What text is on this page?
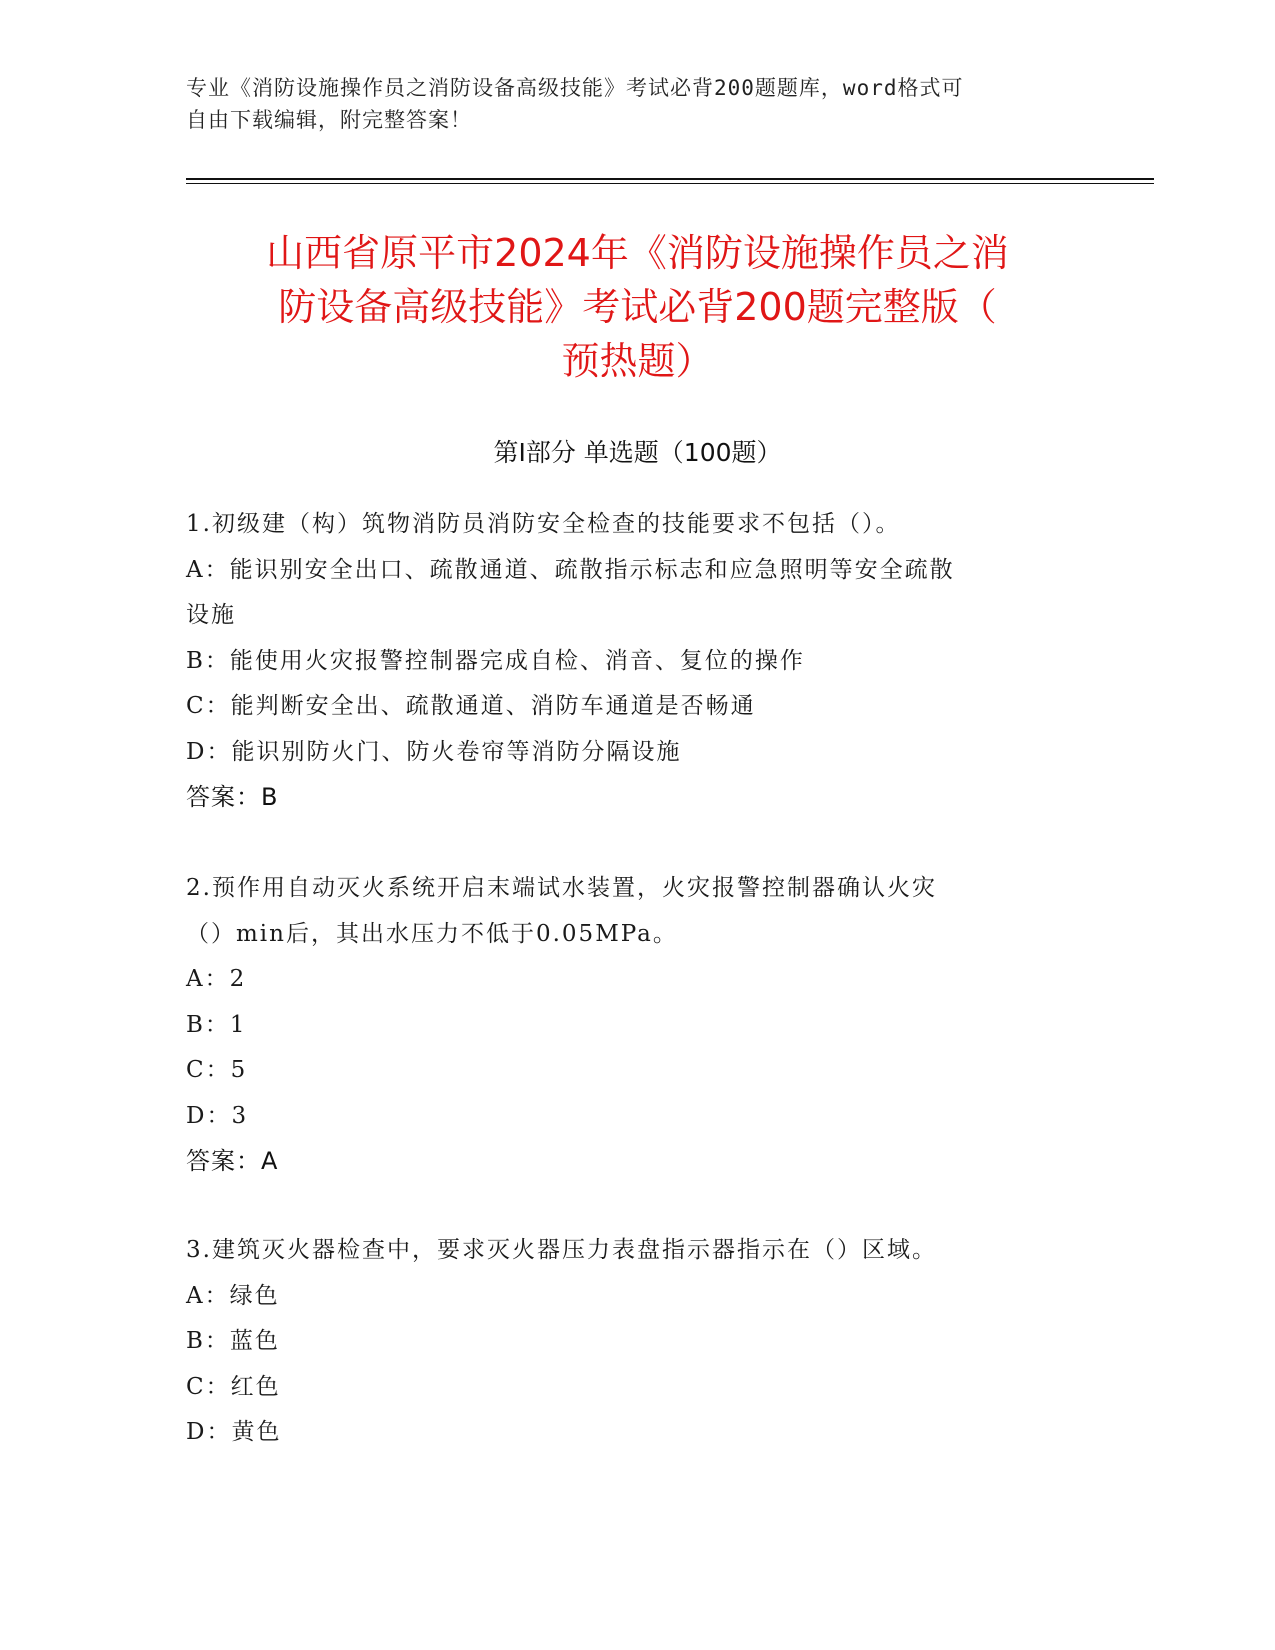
专业《消防设施操作员之消防设备高级技能》考试必背200题题库，word格式可
自由下载编辑，附完整答案！
山西省原平市2024年《消防设施操作员之消
防设备高级技能》考试必背200题完整版（
预热题）
第Ⅰ部分 单选题（100题）
1.初级建（构）筑物消防员消防安全检查的技能要求不包括（）。
A：能识别安全出口、疏散通道、疏散指示标志和应急照明等安全疏散
设施
B：能使用火灾报警控制器完成自检、消音、复位的操作
C：能判断安全出、疏散通道、消防车通道是否畅通
D：能识别防火门、防火卷帘等消防分隔设施
答案：B
2.预作用自动灭火系统开启末端试水装置，火灾报警控制器确认火灾
（）min后，其出水压力不低于0.05MPa。
A：2
B：1
C：5
D：3
答案：A
3.建筑灭火器检查中，要求灭火器压力表盘指示器指示在（）区域。
A：绿色
B：蓝色
C：红色
D：黄色
